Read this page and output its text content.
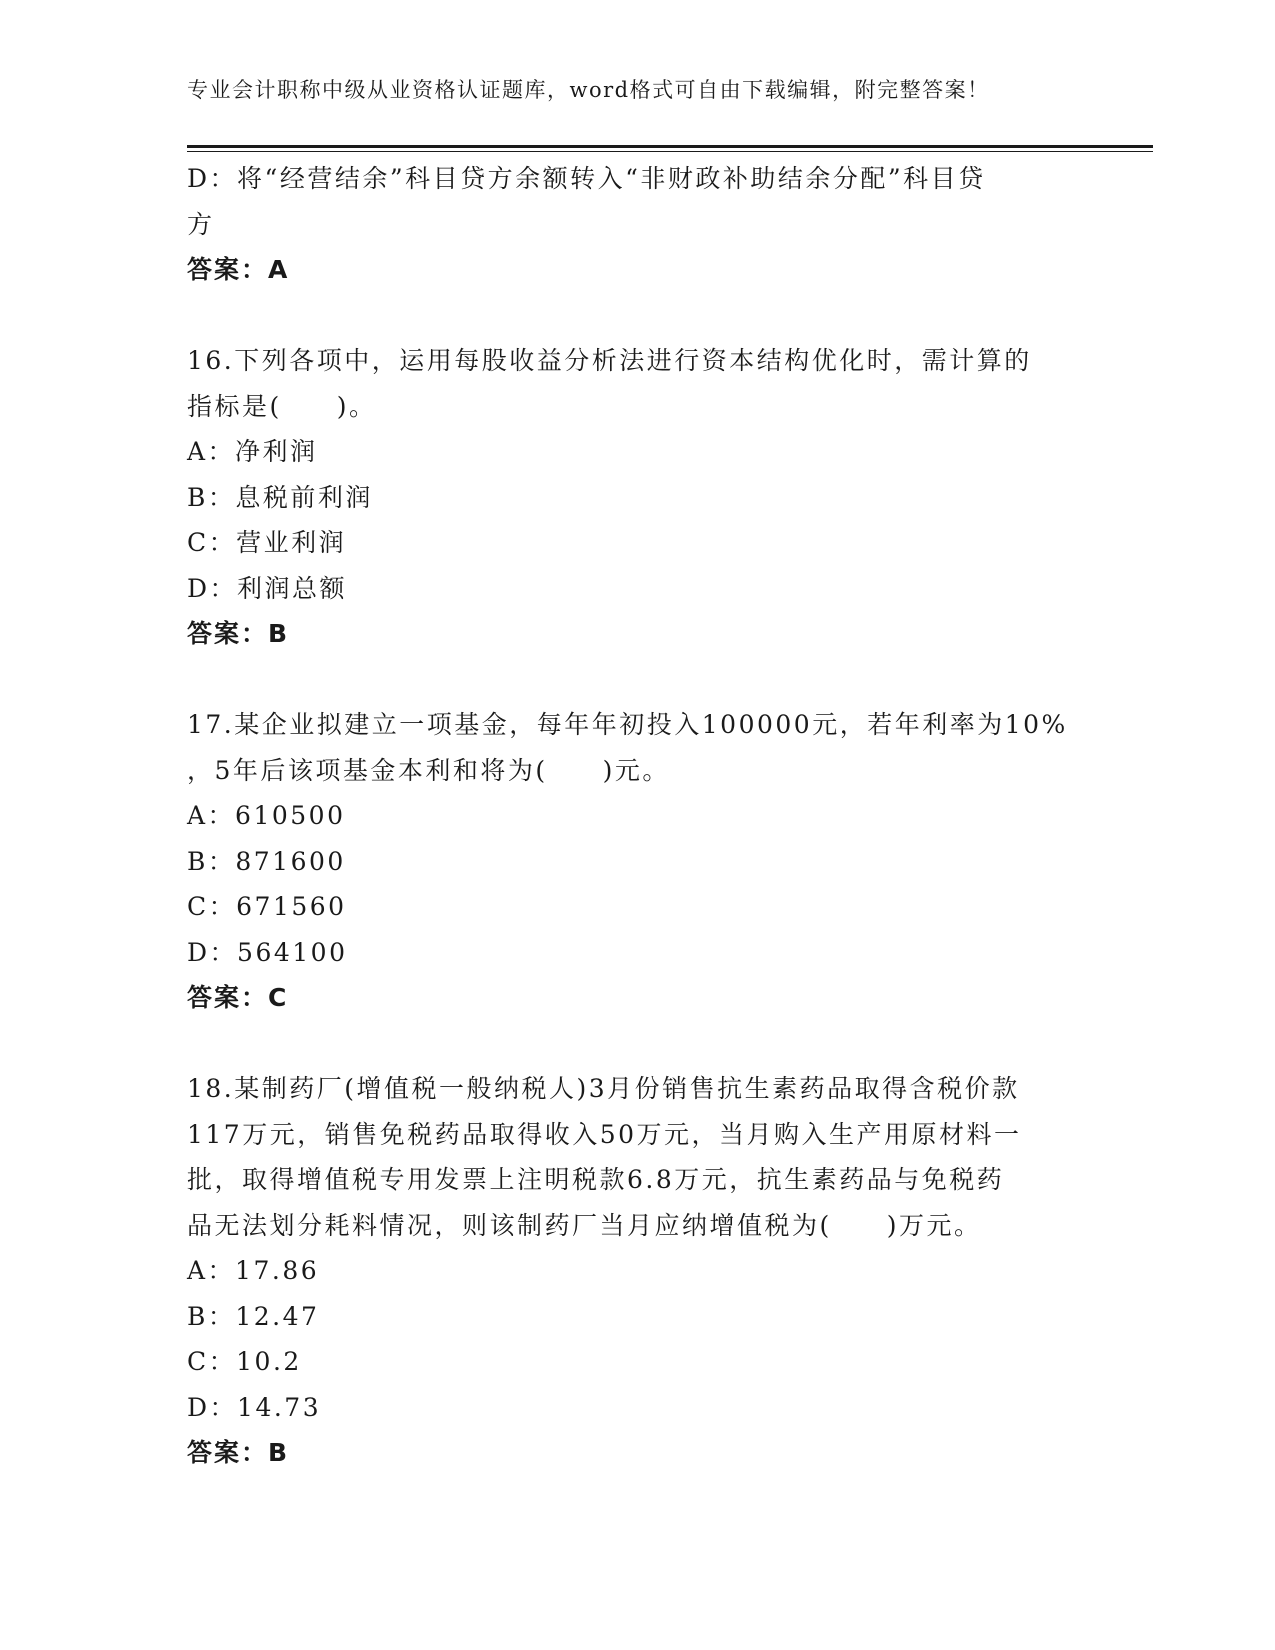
专业会计职称中级从业资格认证题库，word格式可自由下载编辑，附完整答案！
D：将“经营结余”科目贷方余额转入“非财政补助结余分配”科目贷
方
答案：A
16.下列各项中，运用每股收益分析法进行资本结构优化时，需计算的
指标是(　　)。
A：净利润
B：息税前利润
C：营业利润
D：利润总额
答案：B
17.某企业拟建立一项基金，每年年初投入100000元，若年利率为10%
，5年后该项基金本利和将为(　　)元。
A：610500
B：871600
C：671560
D：564100
答案：C
18.某制药厂(增值税一般纳税人)3月份销售抗生素药品取得含税价款
117万元，销售免税药品取得收入50万元，当月购入生产用原材料一
批，取得增值税专用发票上注明税款6.8万元，抗生素药品与免税药
品无法划分耗料情况，则该制药厂当月应纳增值税为(　　)万元。
A：17.86
B：12.47
C：10.2
D：14.73
答案：B
